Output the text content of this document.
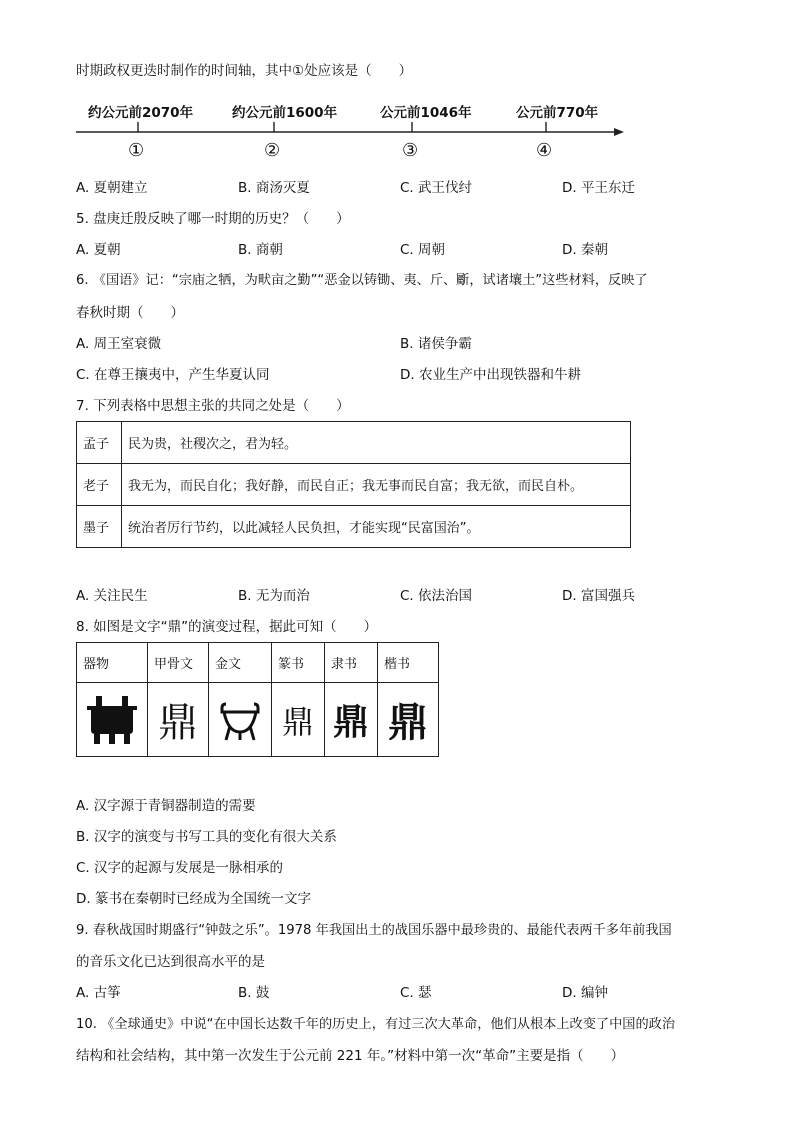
时期政权更迭时制作的时间轴，其中①处应该是（　　）
约公元前2070年	约公元前1600年	公元前1046年	公元前770年
①	②	③	④
A. 夏朝建立	B. 商汤灭夏	C. 武王伐纣	D. 平王东迁
5. 盘庚迁殷反映了哪一时期的历史？（　　）
A. 夏朝	B. 商朝	C. 周朝	D. 秦朝
6. 《国语》记：“宗庙之牺，为畎亩之勤”“恶金以铸锄、夷、斤、斸，试诸壤土”这些材料，反映了
春秋时期（　　）
A. 周王室衰微	B. 诸侯争霸
C. 在尊王攘夷中，产生华夏认同	D. 农业生产中出现铁器和牛耕
7. 下列表格中思想主张的共同之处是（　　）
孟子	民为贵，社稷次之，君为轻。
老子	我无为，而民自化；我好静，而民自正；我无事而民自富；我无欲，而民自朴。
墨子	统治者厉行节约，以此减轻人民负担，才能实现“民富国治”。
A. 关注民生	B. 无为而治	C. 依法治国	D. 富国强兵
8. 如图是文字“鼎”的演变过程，据此可知（　　）
器物	甲骨文	金文	篆书	隶书	楷书

	鼎		鼎	鼎	鼎
A. 汉字源于青铜器制造的需要
B. 汉字的演变与书写工具的变化有很大关系
C. 汉字的起源与发展是一脉相承的
D. 篆书在秦朝时已经成为全国统一文字
9. 春秋战国时期盛行“钟鼓之乐”。1978 年我国出土的战国乐器中最珍贵的、最能代表两千多年前我国
的音乐文化已达到很高水平的是
A. 古筝	B. 鼓	C. 瑟	D. 编钟
10. 《全球通史》中说“在中国长达数千年的历史上，有过三次大革命，他们从根本上改变了中国的政治
结构和社会结构，其中第一次发生于公元前 221 年。”材料中第一次“革命”主要是指（　　）
